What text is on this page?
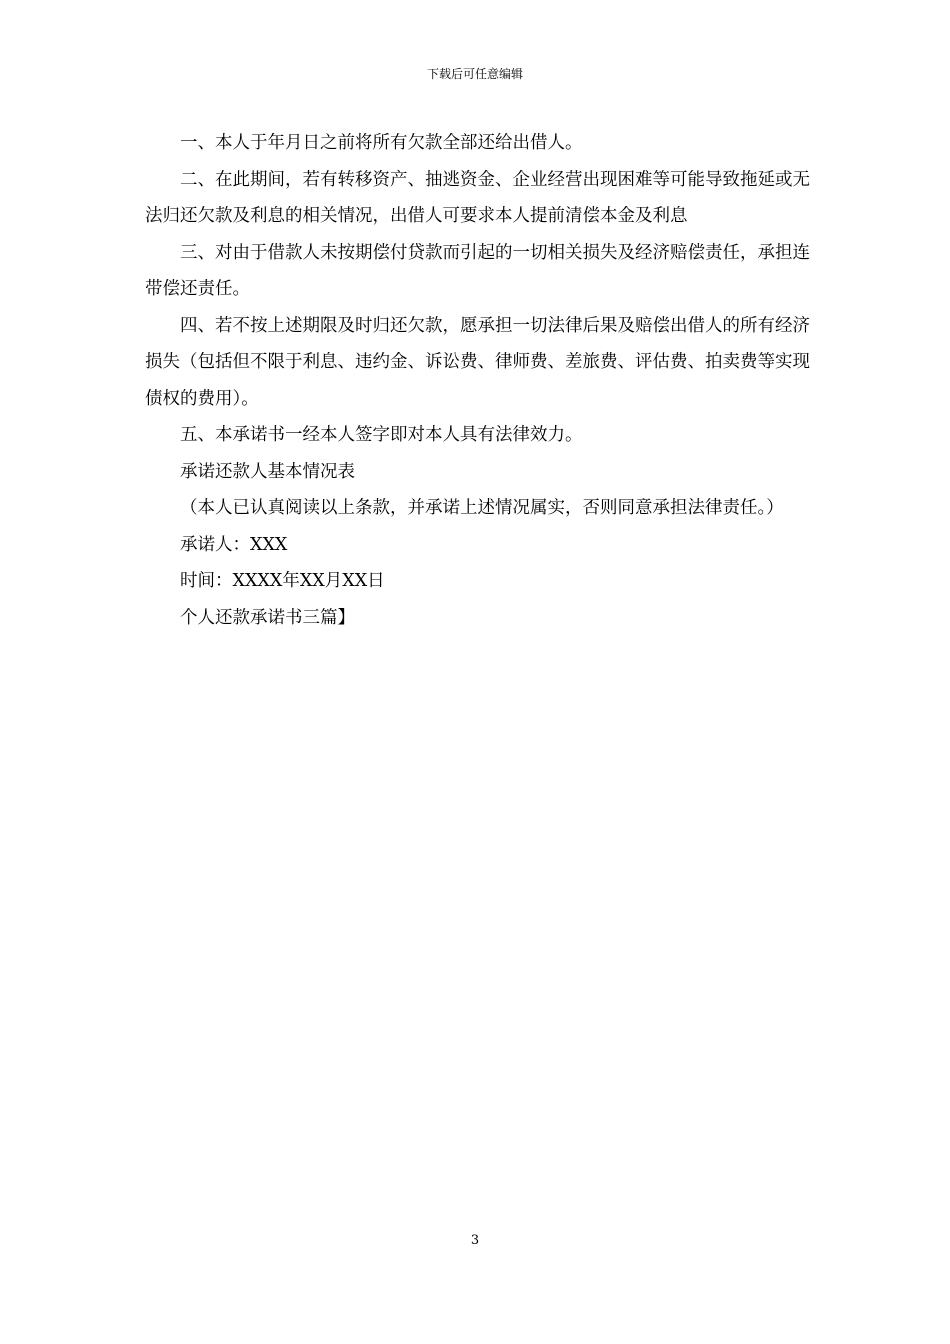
下载后可任意编辑

一、本人于年月日之前将所有欠款全部还给出借人。

二、在此期间，若有转移资产、抽逃资金、企业经营出现困难等可能导致拖延或无法归还欠款及利息的相关情况，出借人可要求本人提前清偿本金及利息

三、对由于借款人未按期偿付贷款而引起的一切相关损失及经济赔偿责任，承担连带偿还责任。

四、若不按上述期限及时归还欠款，愿承担一切法律后果及赔偿出借人的所有经济损失（包括但不限于利息、违约金、诉讼费、律师费、差旅费、评估费、拍卖费等实现债权的费用）。

五、本承诺书一经本人签字即对本人具有法律效力。

承诺还款人基本情况表

（本人已认真阅读以上条款，并承诺上述情况属实，否则同意承担法律责任。）

承诺人：XXX

时间：XXXX年XX月XX日

个人还款承诺书三篇】

3
